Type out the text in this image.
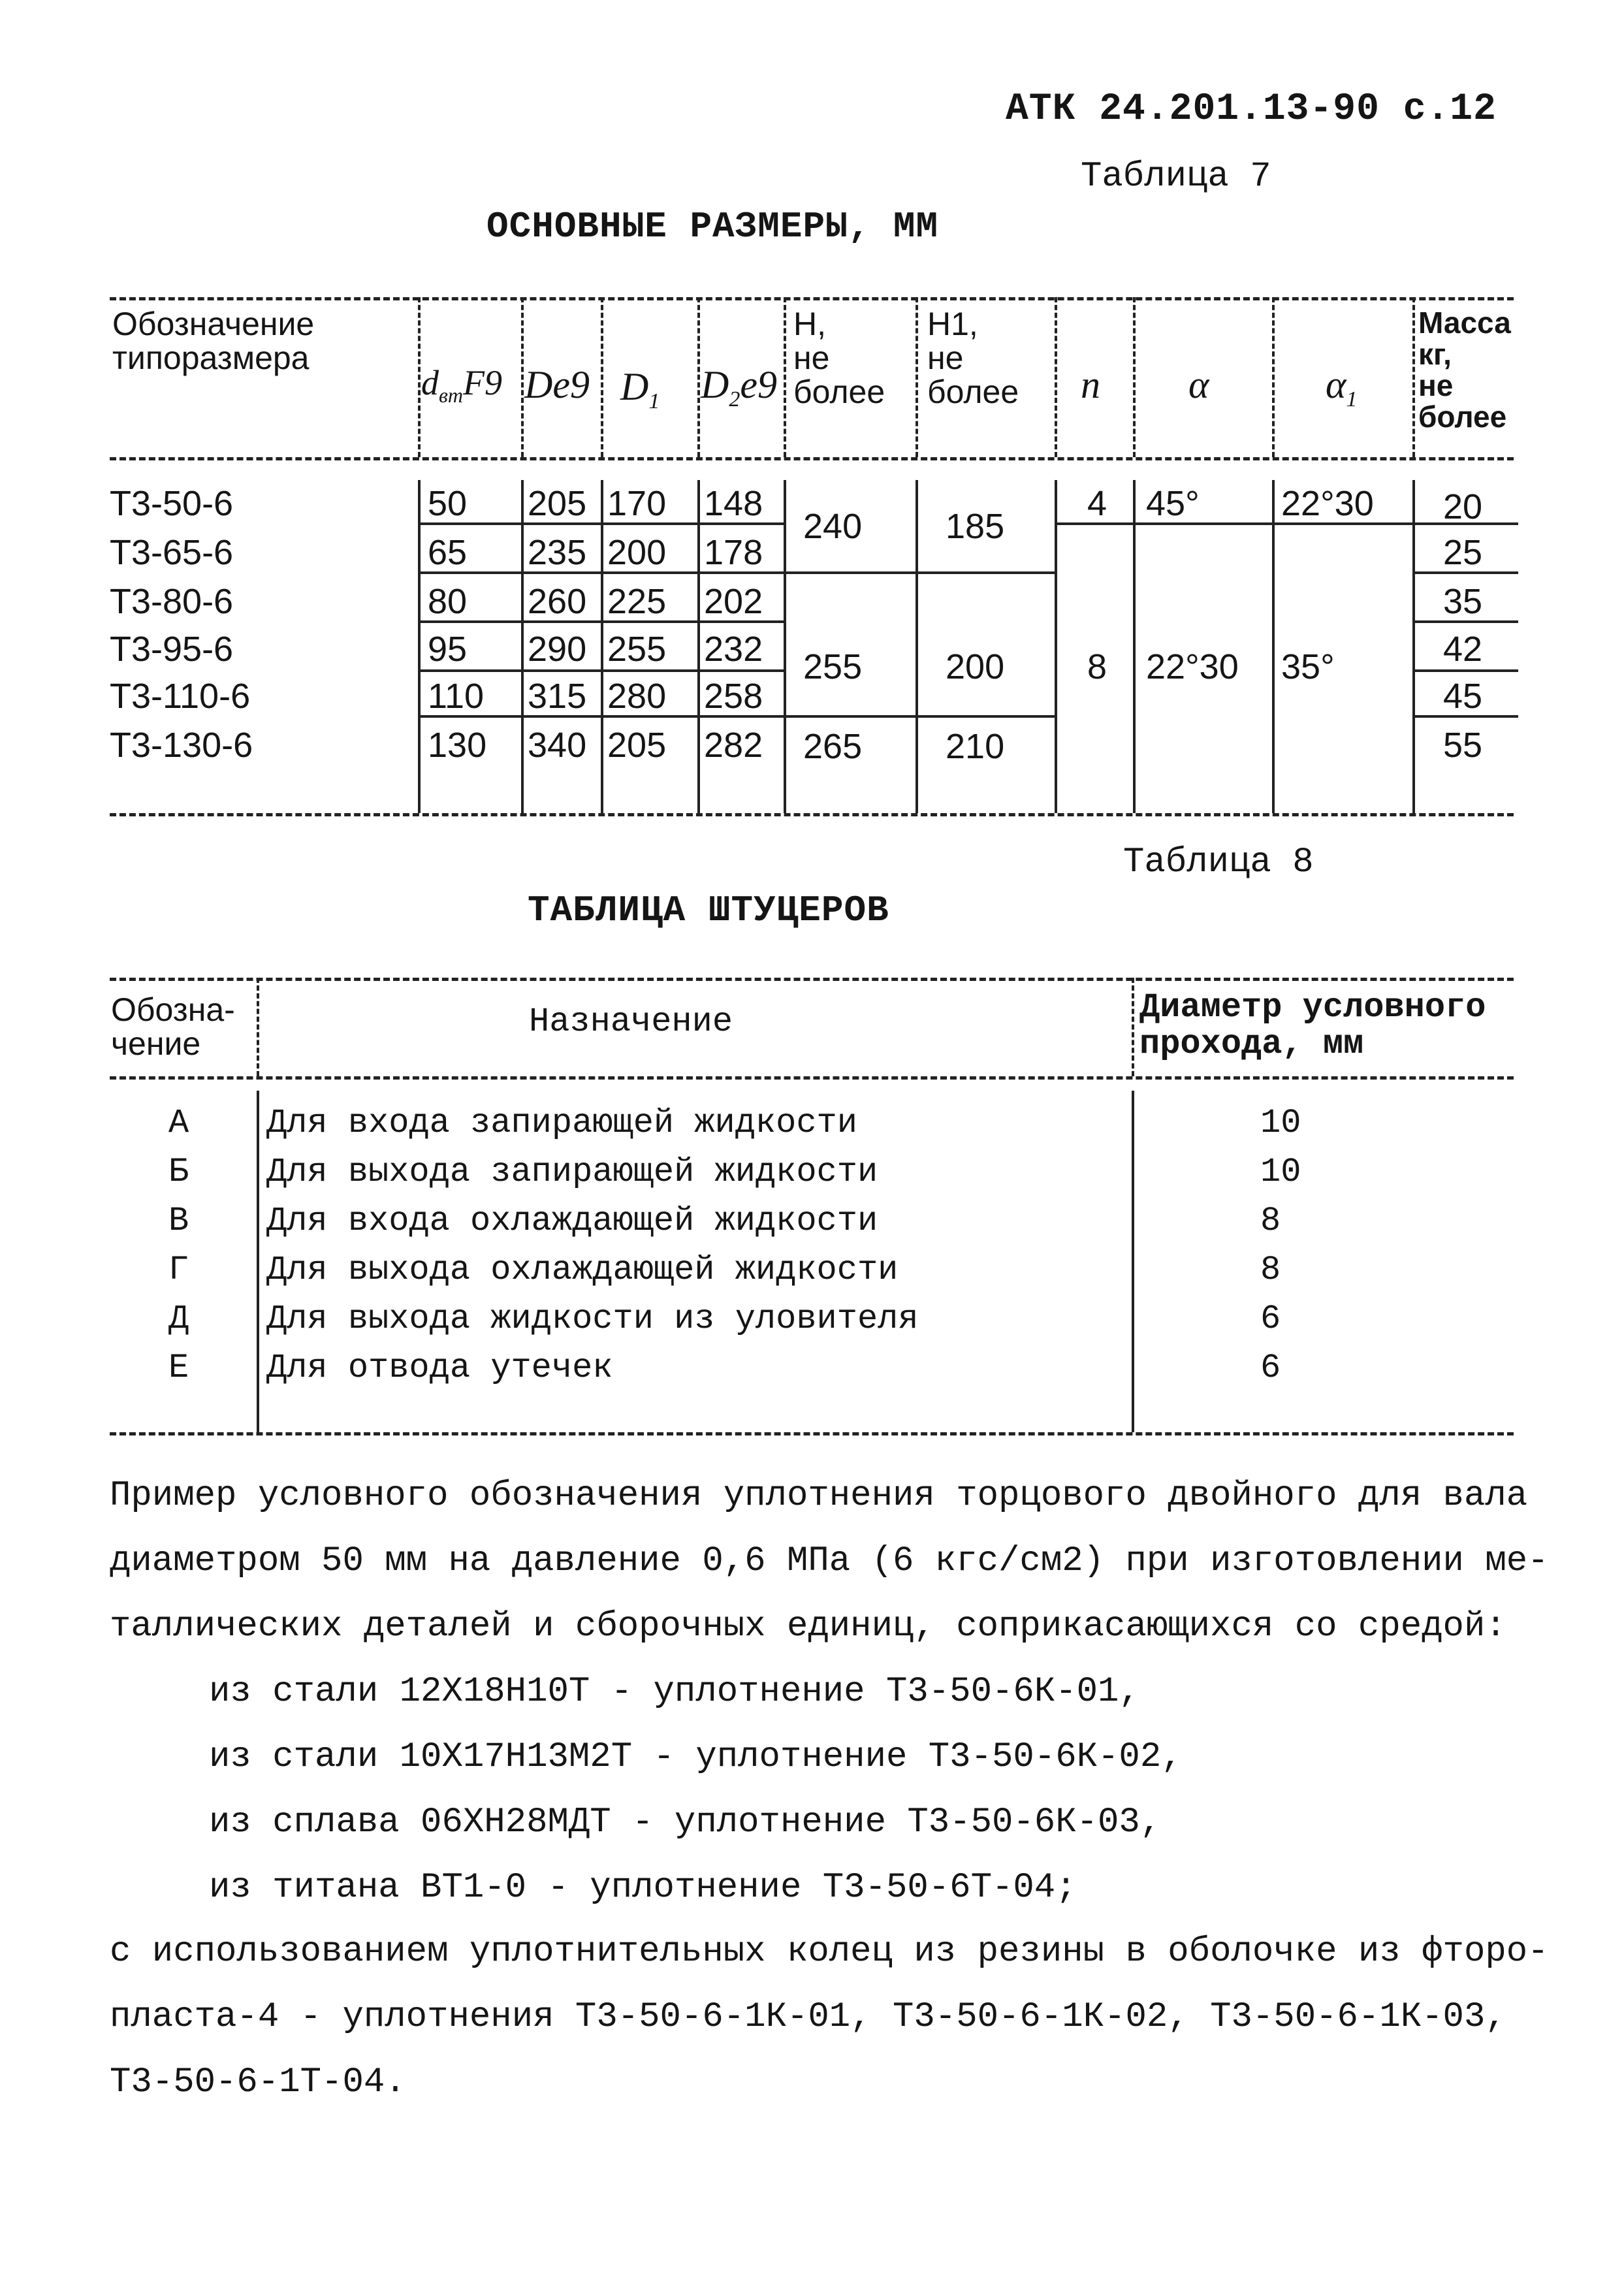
АТК 24.201.13-90 с.12
Таблица 7
ОСНОВНЫЕ РАЗМЕРЫ, ММ
Обозначение
типоразмера
$d_{вт}F9$ De9 $D_1$ $D_2e9$
Н,
не
более
Н1,
не
более n α	$\alpha_1$
Масса
кг,
не
более
Т3-50-6
Т3-65-6
Т3-80-6
Т3-95-6
Т3-110-6
Т3-130-6
50
65
80
95
110
130
205
235
260
290
315
340
170
200
225
255
280
205
148
178
202
232
258
282
240 185
255 200
265 210
4 45° 22°30
8 22°30 35°
20
25
35
42
45
55
Таблица 8
ТАБЛИЦА ШТУЦЕРОВ
Обозна-
чение
Назначение	Диаметр условного
прохода, мм
А
Б
В
Г
Д
Е
Для входа запирающей жидкости
Для выхода запирающей жидкости
Для входа охлаждающей жидкости
Для выхода охлаждающей жидкости
Для выхода жидкости из уловителя
Для отвода утечек
10
10
8
8
6
6
Пример условного обозначения уплотнения торцового двойного для вала
диаметром 50 мм на давление 0,6 МПа (6 кгс/см2) при изготовлении ме-
таллических деталей и сборочных единиц, соприкасающихся со средой:
из стали 12Х18Н10Т - уплотнение Т3-50-6К-01,
из стали 10Х17Н13М2Т - уплотнение Т3-50-6К-02,
из сплава 06ХН28МДТ - уплотнение Т3-50-6К-03,
из титана ВТ1-0 - уплотнение Т3-50-6Т-04;
с использованием уплотнительных колец из резины в оболочке из фторо-
пласта-4 - уплотнения Т3-50-6-1К-01, Т3-50-6-1К-02, Т3-50-6-1К-03,
Т3-50-6-1Т-04.
